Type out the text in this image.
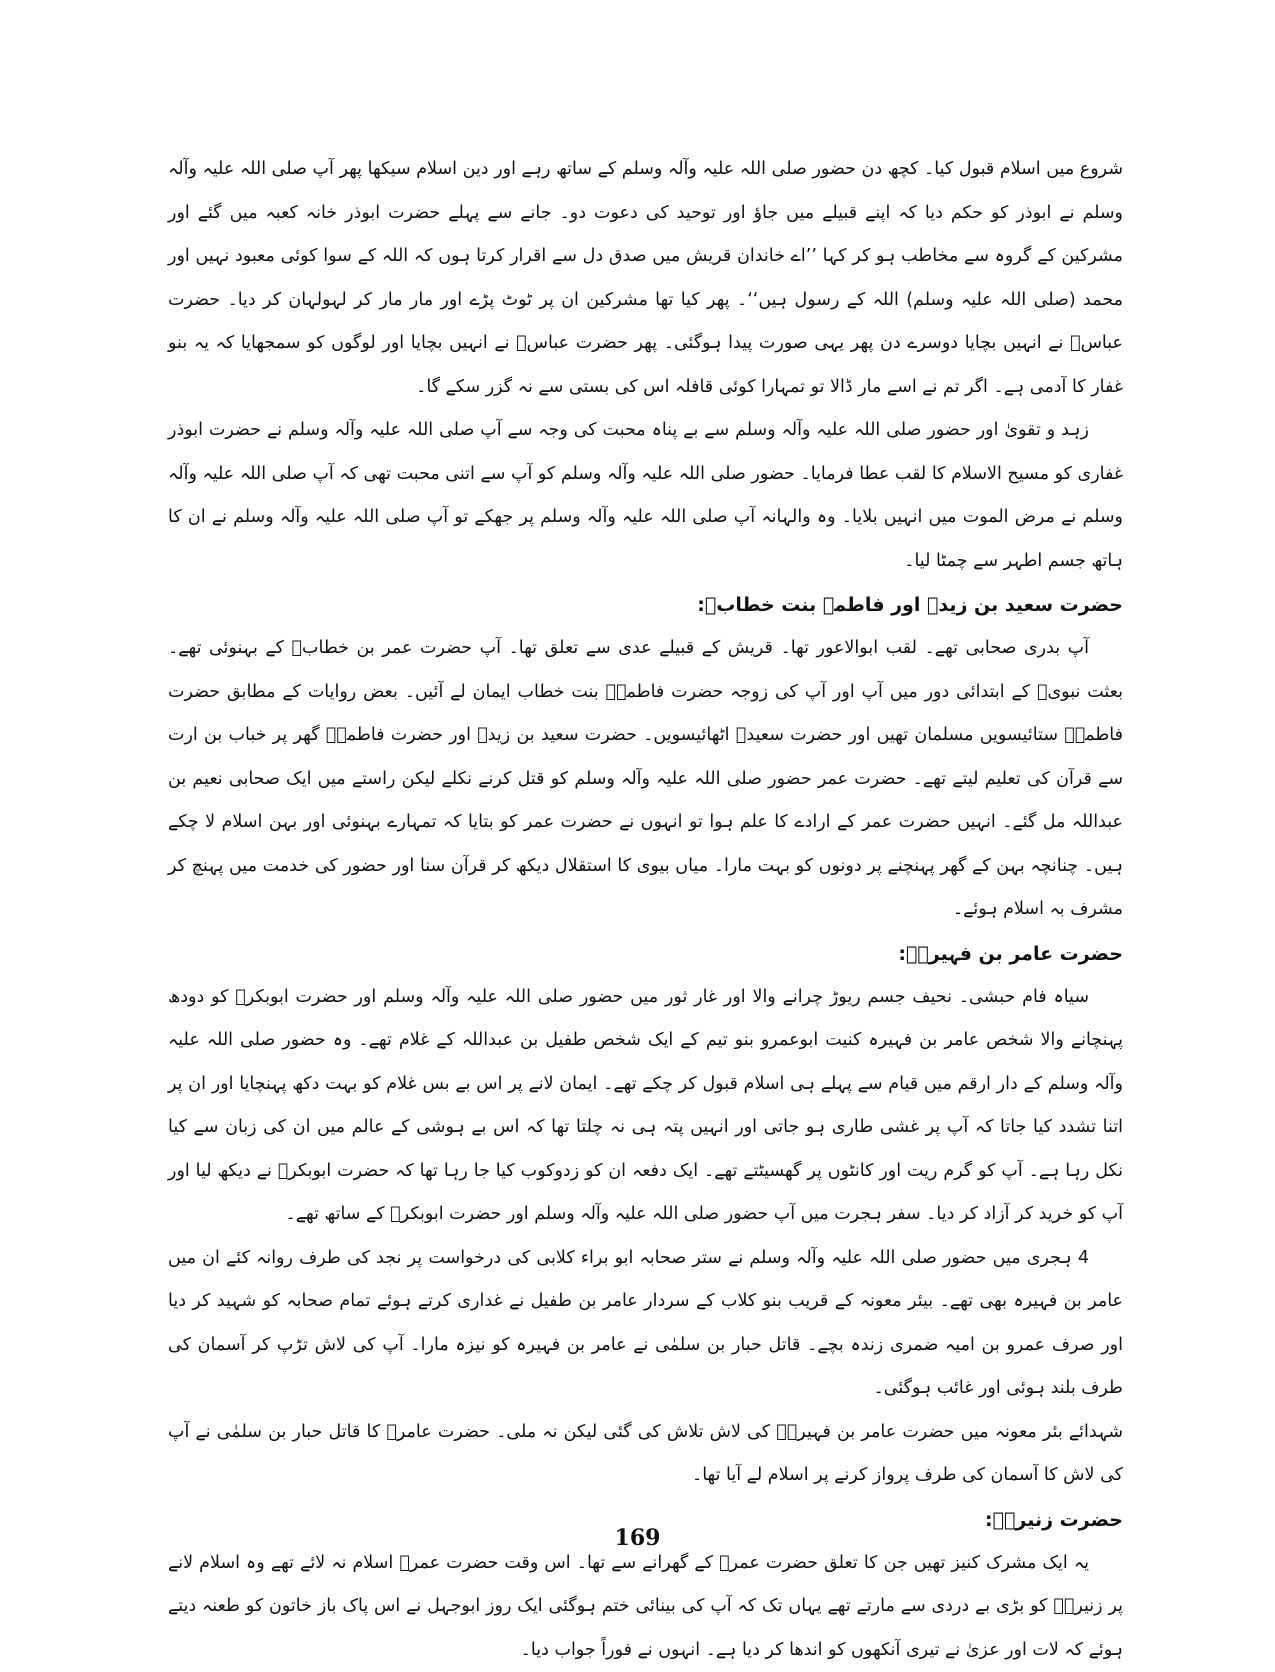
شروع میں اسلام قبول کیا۔ کچھ دن حضور صلی اللہ علیہ وآلہ وسلم کے ساتھ رہے اور دین اسلام سیکھا پھر آپ صلی اللہ علیہ وآلہ وسلم نے ابوذر کو حکم دیا کہ اپنے قبیلے میں جاؤ اور توحید کی دعوت دو۔ جانے سے پہلے حضرت ابوذر خانہ کعبہ میں گئے اور مشرکین کے گروہ سے مخاطب ہو کر کہا ’’اے خاندان قریش میں صدق دل سے اقرار کرتا ہوں کہ اللہ کے سوا کوئی معبود نہیں اور محمد (صلی اللہ علیہ وسلم) اللہ کے رسول ہیں‘‘۔ پھر کیا تھا مشرکین ان پر ٹوٹ پڑے اور مار مار کر لہولہان کر دیا۔ حضرت عباسؓ نے انہیں بچایا دوسرے دن پھر یہی صورت پیدا ہوگئی۔ پھر حضرت عباسؓ نے انہیں بچایا اور لوگوں کو سمجھایا کہ یہ بنو غفار کا آدمی ہے۔ اگر تم نے اسے مار ڈالا تو تمہارا کوئی قافلہ اس کی بستی سے نہ گزر سکے گا۔

زہد و تقویٰ اور حضور صلی اللہ علیہ وآلہ وسلم سے بے پناہ محبت کی وجہ سے آپ صلی اللہ علیہ وآلہ وسلم نے حضرت ابوذر غفاری کو مسیح الاسلام کا لقب عطا فرمایا۔ حضور صلی اللہ علیہ وآلہ وسلم کو آپ سے اتنی محبت تھی کہ آپ صلی اللہ علیہ وآلہ وسلم نے مرض الموت میں انہیں بلایا۔ وہ والہانہ آپ صلی اللہ علیہ وآلہ وسلم پر جھکے تو آپ صلی اللہ علیہ وآلہ وسلم نے ان کا ہاتھ جسم اطہر سے چمٹا لیا۔

حضرت سعید بن زیدؓ اور فاطمہ بنت خطابؓ:

آپ بدری صحابی تھے۔ لقب ابوالاعور تھا۔ قریش کے قبیلے عدی سے تعلق تھا۔ آپ حضرت عمر بن خطابؓ کے بہنوئی تھے۔ بعثت نبویؐ کے ابتدائی دور میں آپ اور آپ کی زوجہ حضرت فاطمہؓ بنت خطاب ایمان لے آئیں۔ بعض روایات کے مطابق حضرت فاطمہؓ ستائیسویں مسلمان تھیں اور حضرت سعیدؓ اٹھائیسویں۔ حضرت سعید بن زیدؓ اور حضرت فاطمہؓ گھر پر خباب بن ارت سے قرآن کی تعلیم لیتے تھے۔ حضرت عمر حضور صلی اللہ علیہ وآلہ وسلم کو قتل کرنے نکلے لیکن راستے میں ایک صحابی نعیم بن عبداللہ مل گئے۔ انہیں حضرت عمر کے ارادے کا علم ہوا تو انہوں نے حضرت عمر کو بتایا کہ تمہارے بہنوئی اور بہن اسلام لا چکے ہیں۔ چنانچہ بہن کے گھر پہنچنے پر دونوں کو بہت مارا۔ میاں بیوی کا استقلال دیکھ کر قرآن سنا اور حضور کی خدمت میں پہنچ کر مشرف بہ اسلام ہوئے۔

حضرت عامر بن فہیرہؓ:

سیاہ فام حبشی۔ نحیف جسم ریوڑ چرانے والا اور غار ثور میں حضور صلی اللہ علیہ وآلہ وسلم اور حضرت ابوبکرؓ کو دودھ پہنچانے والا شخص عامر بن فہیرہ کنیت ابوعمرو بنو تیم کے ایک شخص طفیل بن عبداللہ کے غلام تھے۔ وہ حضور صلی اللہ علیہ وآلہ وسلم کے دار ارقم میں قیام سے پہلے ہی اسلام قبول کر چکے تھے۔ ایمان لانے پر اس بے بس غلام کو بہت دکھ پہنچایا اور ان پر اتنا تشدد کیا جاتا کہ آپ پر غشی طاری ہو جاتی اور انہیں پتہ ہی نہ چلتا تھا کہ اس بے ہوشی کے عالم میں ان کی زبان سے کیا نکل رہا ہے۔ آپ کو گرم ریت اور کانٹوں پر گھسیٹتے تھے۔ ایک دفعہ ان کو زدوکوب کیا جا رہا تھا کہ حضرت ابوبکرؓ نے دیکھ لیا اور آپ کو خرید کر آزاد کر دیا۔ سفر ہجرت میں آپ حضور صلی اللہ علیہ وآلہ وسلم اور حضرت ابوبکرؓ کے ساتھ تھے۔

4 ہجری میں حضور صلی اللہ علیہ وآلہ وسلم نے ستر صحابہ ابو براء کلابی کی درخواست پر نجد کی طرف روانہ کئے ان میں عامر بن فہیرہ بھی تھے۔ بیئر معونہ کے قریب بنو کلاب کے سردار عامر بن طفیل نے غداری کرتے ہوئے تمام صحابہ کو شہید کر دیا اور صرف عمرو بن امیہ ضمری زندہ بچے۔ قاتل حبار بن سلمٰی نے عامر بن فہیرہ کو نیزہ مارا۔ آپ کی لاش تڑپ کر آسمان کی طرف بلند ہوئی اور غائب ہوگئی۔

شہدائے بئر معونہ میں حضرت عامر بن فہیرہؓ کی لاش تلاش کی گئی لیکن نہ ملی۔ حضرت عامرؓ کا قاتل حبار بن سلمٰی نے آپ کی لاش کا آسمان کی طرف پرواز کرنے پر اسلام لے آیا تھا۔

حضرت زنیرہؓ:

یہ ایک مشرک کنیز تھیں جن کا تعلق حضرت عمرؓ کے گھرانے سے تھا۔ اس وقت حضرت عمرؓ اسلام نہ لائے تھے وہ اسلام لانے پر زنیرہؓ کو بڑی بے دردی سے مارتے تھے یہاں تک کہ آپ کی بینائی ختم ہوگئی ایک روز ابوجہل نے اس پاک باز خاتون کو طعنہ دیتے ہوئے کہ لات اور عزیٰ نے تیری آنکھوں کو اندھا کر دیا ہے۔ انہوں نے فوراً جواب دیا۔

169
